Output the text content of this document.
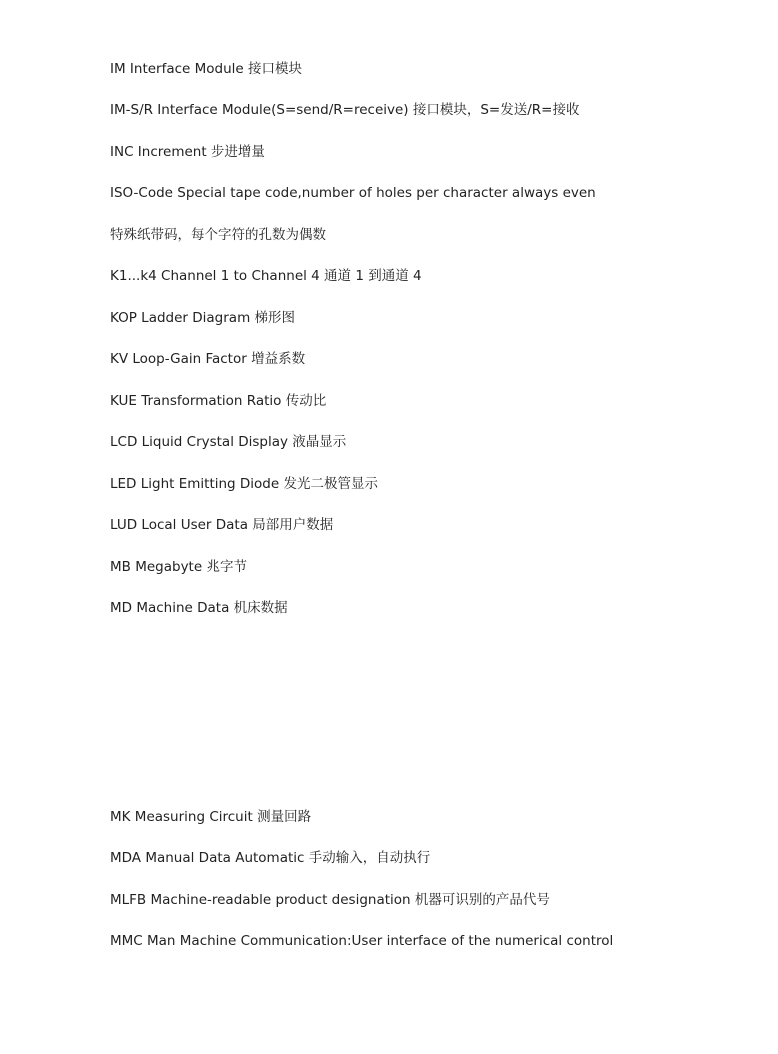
IM Interface Module 接口模块

IM-S/R Interface Module(S=send/R=receive) 接口模块，S=发送/R=接收

INC Increment 步进增量

ISO-Code Special tape code,number of holes per character always even

特殊纸带码，每个字符的孔数为偶数

K1...k4 Channel 1 to Channel 4 通道 1 到通道 4

KOP Ladder Diagram 梯形图

KV Loop-Gain Factor 增益系数

KUE Transformation Ratio 传动比

LCD Liquid Crystal Display 液晶显示

LED Light Emitting Diode 发光二极管显示

LUD Local User Data 局部用户数据

MB Megabyte 兆字节

MD Machine Data 机床数据

MK Measuring Circuit 测量回路

MDA Manual Data Automatic 手动输入，自动执行

MLFB Machine-readable product designation 机器可识别的产品代号

MMC Man Machine Communication:User interface of the numerical control
